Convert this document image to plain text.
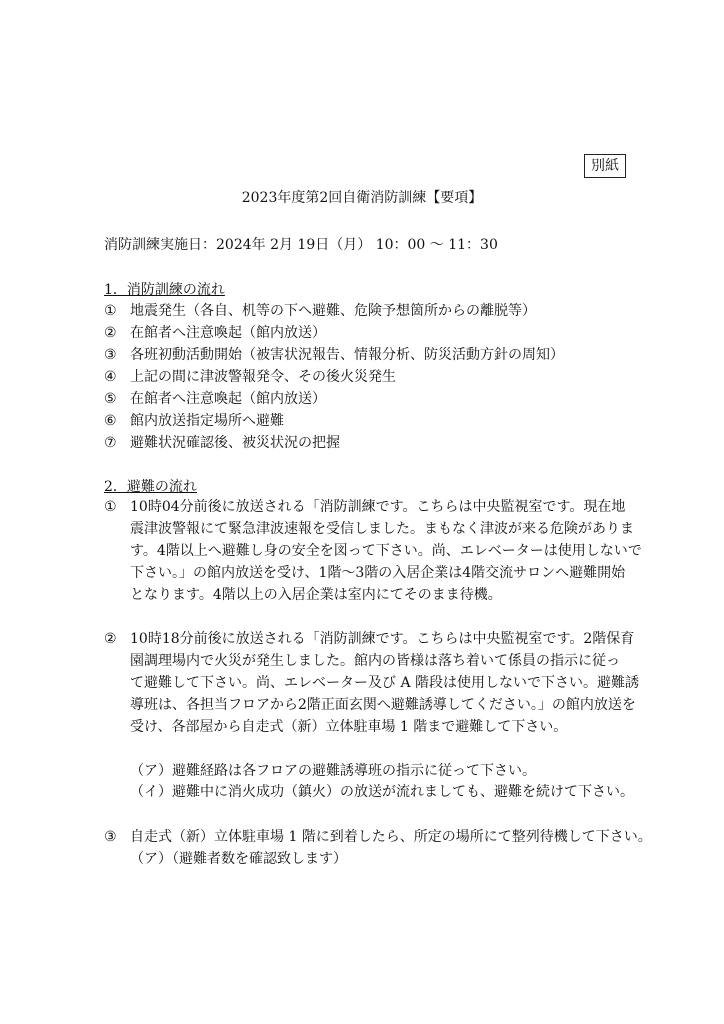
別紙
2023年度第2回自衛消防訓練【要項】
消防訓練実施日：2024年 2月 19日（月） 10：00 ～ 11：30
1．消防訓練の流れ
① 地震発生（各自、机等の下へ避難、危険予想箇所からの離脱等）
② 在館者へ注意喚起（館内放送）
③ 各班初動活動開始（被害状況報告、情報分析、防災活動方針の周知）
④ 上記の間に津波警報発令、その後火災発生
⑤ 在館者へ注意喚起（館内放送）
⑥ 館内放送指定場所へ避難
⑦ 避難状況確認後、被災状況の把握
2．避難の流れ
① 10時04分前後に放送される「消防訓練です。こちらは中央監視室です。現在地
震津波警報にて緊急津波速報を受信しました。まもなく津波が来る危険がありま
す。4階以上へ避難し身の安全を図って下さい。尚、エレベーターは使用しないで
下さい。」の館内放送を受け、1階～3階の入居企業は4階交流サロンへ避難開始
となります。4階以上の入居企業は室内にてそのまま待機。
② 10時18分前後に放送される「消防訓練です。こちらは中央監視室です。2階保育
園調理場内で火災が発生しました。館内の皆様は落ち着いて係員の指示に従っ
て避難して下さい。尚、エレベーター及び A 階段は使用しないで下さい。避難誘
導班は、各担当フロアから2階正面玄関へ避難誘導してください。」の館内放送を
受け、各部屋から自走式（新）立体駐車場 1 階まで避難して下さい。
（ア）避難経路は各フロアの避難誘導班の指示に従って下さい。
（イ）避難中に消火成功（鎮火）の放送が流れましても、避難を続けて下さい。
③ 自走式（新）立体駐車場 1 階に到着したら、所定の場所にて整列待機して下さい。
（ア）（避難者数を確認致します）
